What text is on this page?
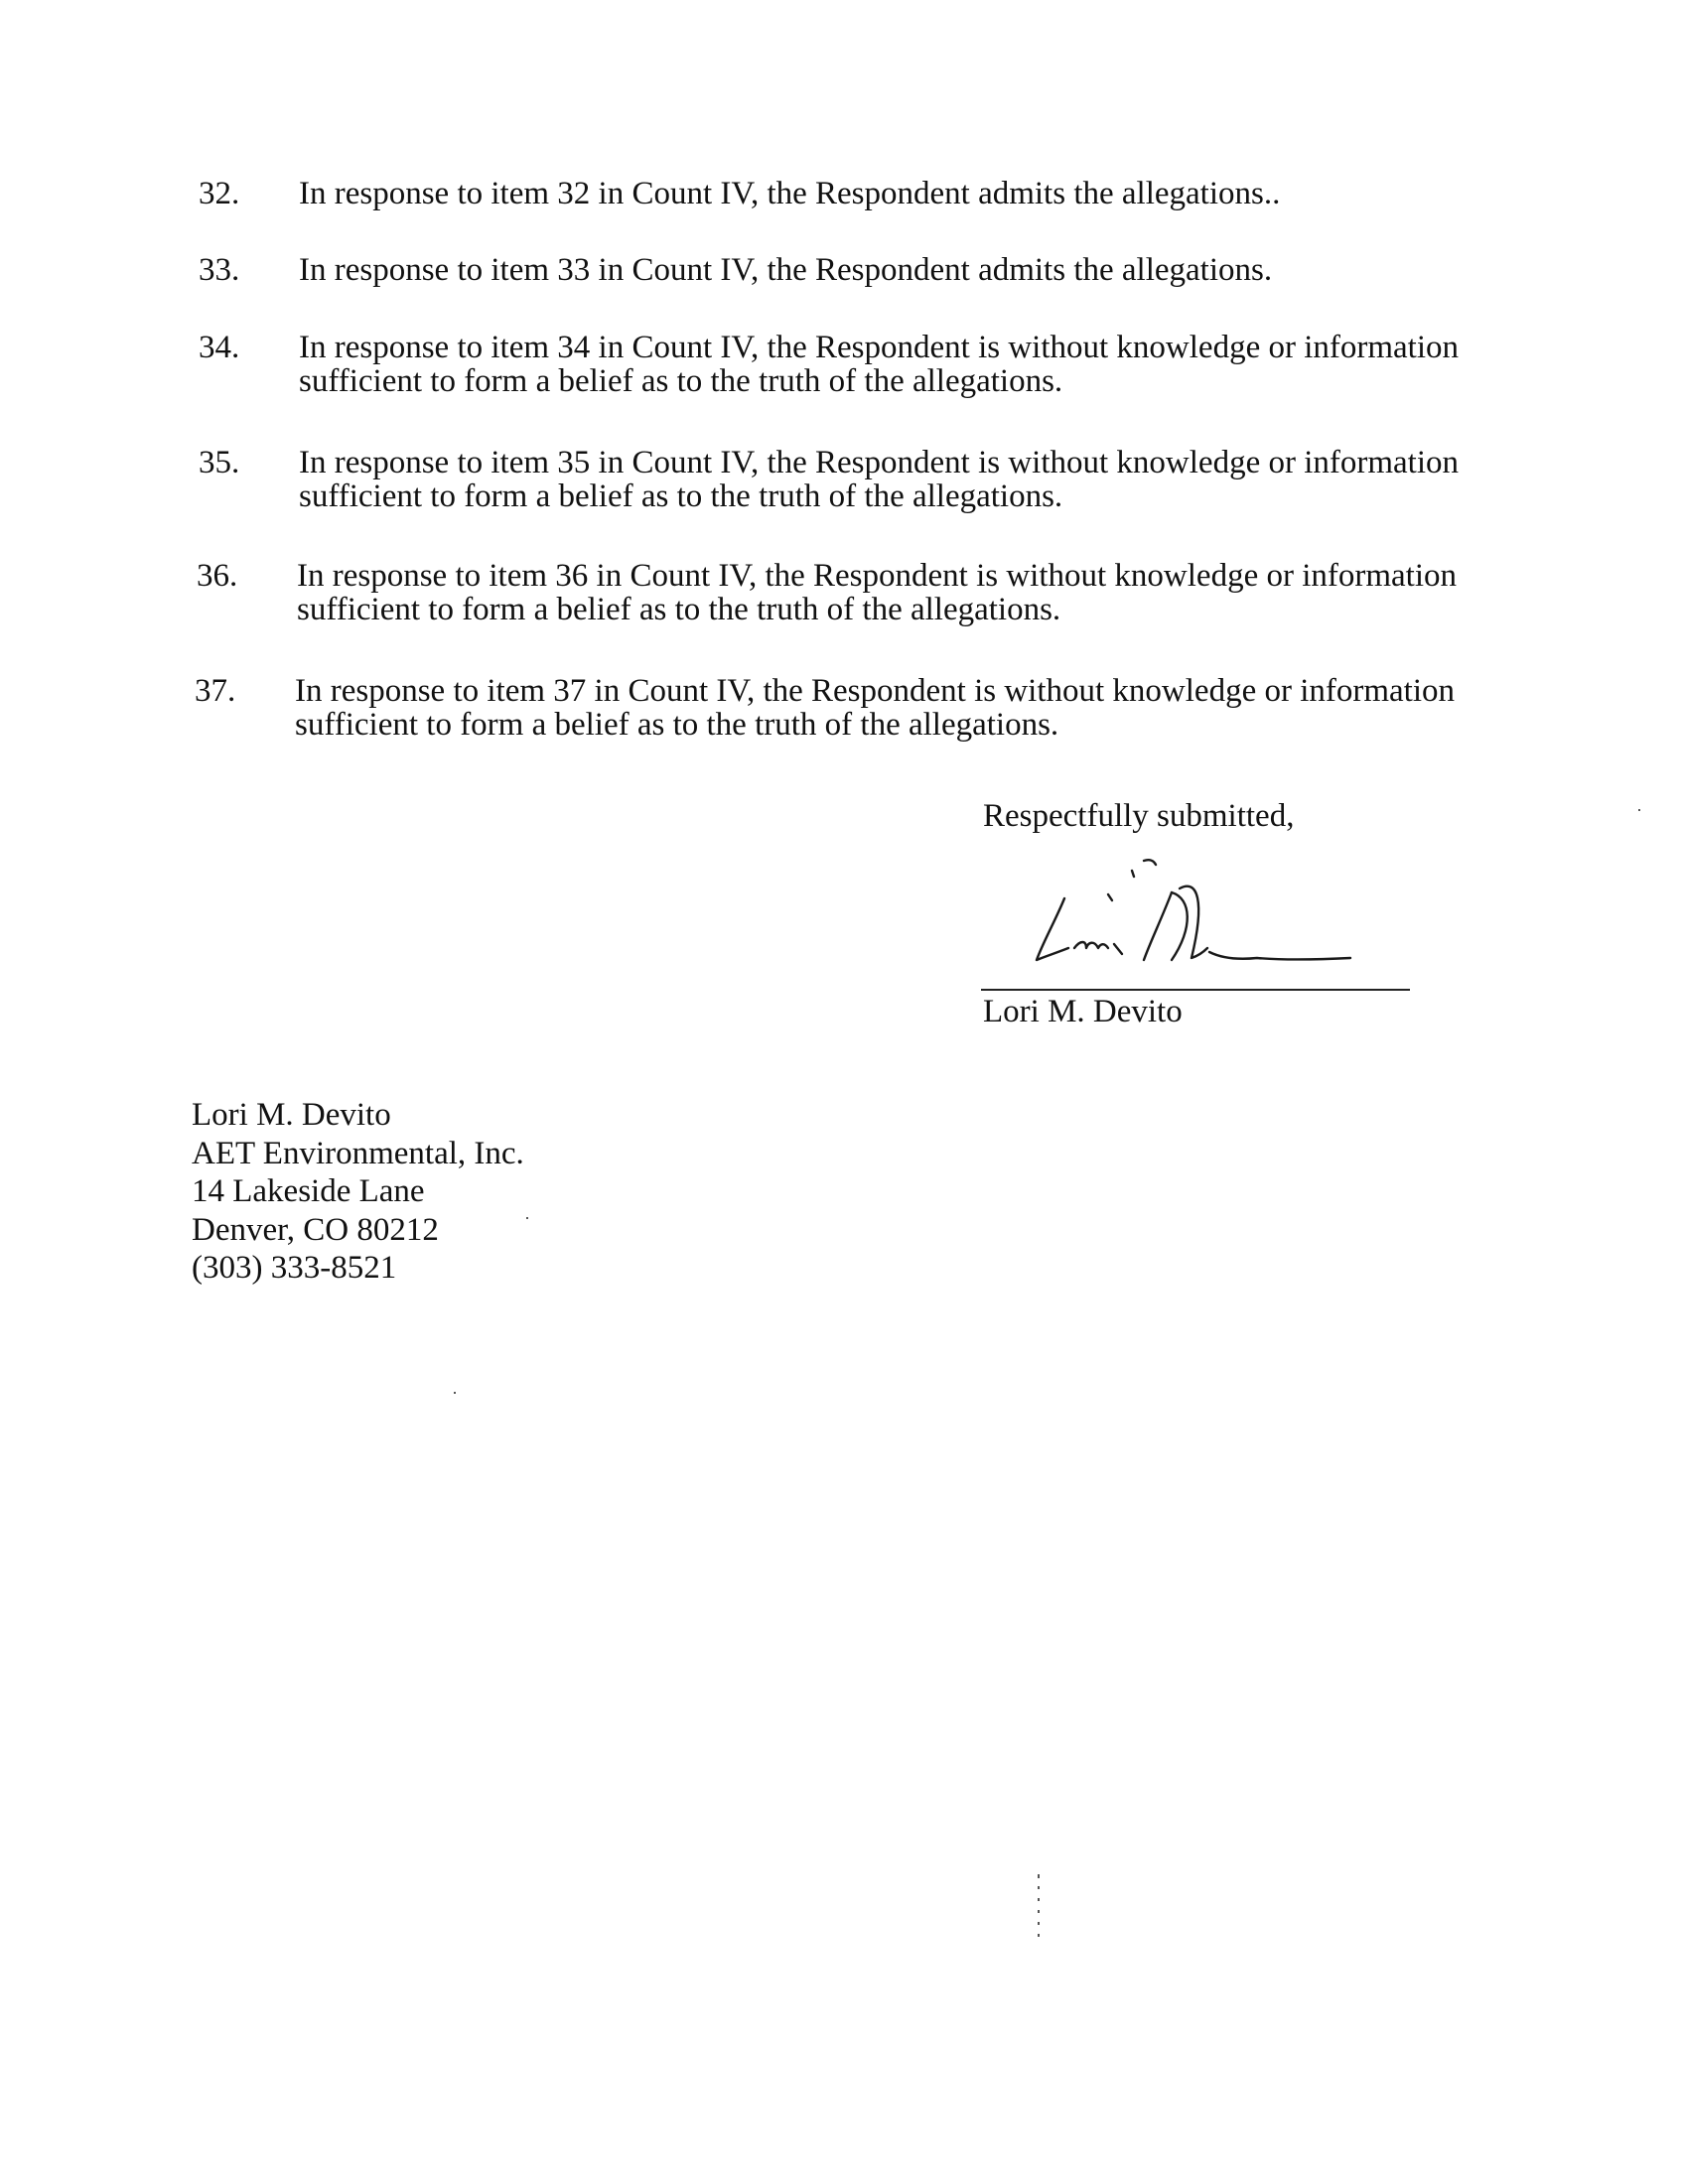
32. In response to item 32 in Count IV, the Respondent admits the allegations..
33. In response to item 33 in Count IV, the Respondent admits the allegations.
34. In response to item 34 in Count IV, the Respondent is without knowledge or information
sufficient to form a belief as to the truth of the allegations.
35. In response to item 35 in Count IV, the Respondent is without knowledge or information
sufficient to form a belief as to the truth of the allegations.
36. In response to item 36 in Count IV, the Respondent is without knowledge or information
sufficient to form a belief as to the truth of the allegations.
37. In response to item 37 in Count IV, the Respondent is without knowledge or information
sufficient to form a belief as to the truth of the allegations.
Respectfully submitted,
Lori M. Devito
Lori M. Devito
AET Environmental, Inc.
14 Lakeside Lane
Denver, CO 80212
(303) 333-8521
